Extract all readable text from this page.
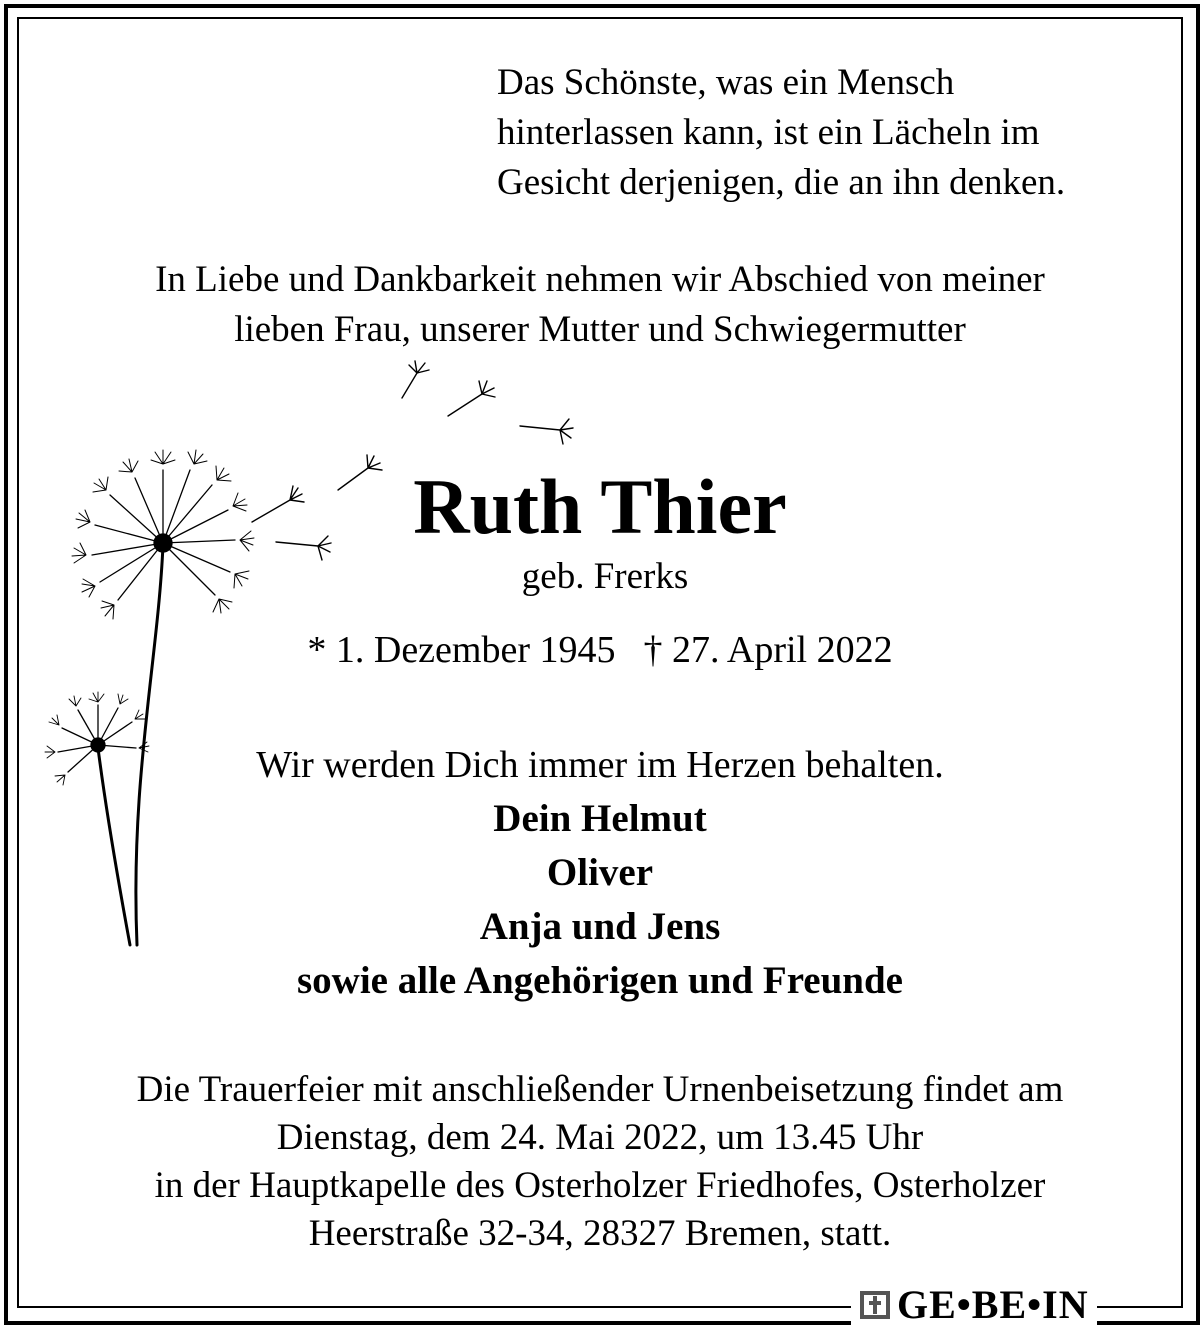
Das Schönste, was ein Mensch
hinterlassen kann, ist ein Lächeln im
Gesicht derjenigen, die an ihn denken.
In Liebe und Dankbarkeit nehmen wir Abschied von meiner
lieben Frau, unserer Mutter und Schwiegermutter
Ruth Thier
geb. Frerks
* 1. Dezember 1945 † 27. April 2022
Wir werden Dich immer im Herzen behalten.
Dein Helmut
Oliver
Anja und Jens
sowie alle Angehörigen und Freunde
Die Trauerfeier mit anschließender Urnenbeisetzung findet am
Dienstag, dem 24. Mai 2022, um 13.45 Uhr
in der Hauptkapelle des Osterholzer Friedhofes, Osterholzer
Heerstraße 32-34, 28327 Bremen, statt.
GE•BE•IN
